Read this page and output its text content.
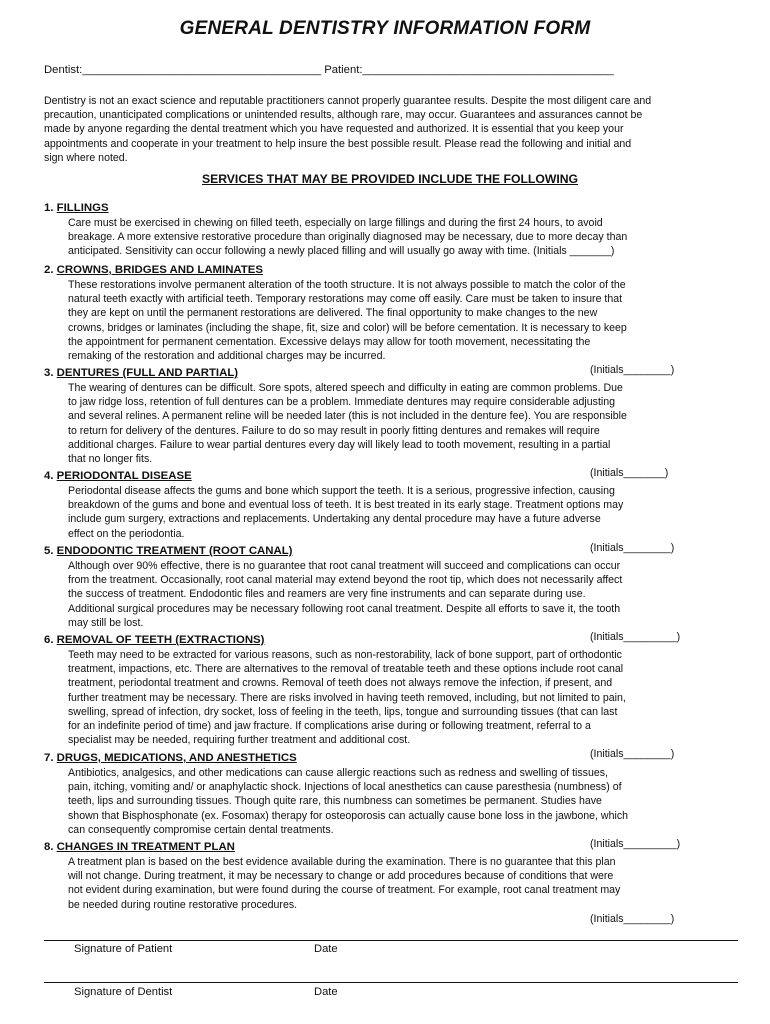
GENERAL DENTISTRY INFORMATION FORM
Dentist:______________________________________ Patient:________________________________________
Dentistry is not an exact science and reputable practitioners cannot properly guarantee results. Despite the most diligent care and
precaution, unanticipated complications or unintended results, although rare, may occur. Guarantees and assurances cannot be
made by anyone regarding the dental treatment which you have requested and authorized. It is essential that you keep your
appointments and cooperate in your treatment to help insure the best possible result. Please read the following and initial and
sign where noted.
SERVICES THAT MAY BE PROVIDED INCLUDE THE FOLLOWING
1. FILLINGS
Care must be exercised in chewing on filled teeth, especially on large fillings and during the first 24 hours, to avoid
breakage. A more extensive restorative procedure than originally diagnosed may be necessary, due to more decay than
anticipated. Sensitivity can occur following a newly placed filling and will usually go away with time. (Initials _______)
2. CROWNS, BRIDGES AND LAMINATES
These restorations involve permanent alteration of the tooth structure. It is not always possible to match the color of the
natural teeth exactly with artificial teeth. Temporary restorations may come off easily. Care must be taken to insure that
they are kept on until the permanent restorations are delivered. The final opportunity to make changes to the new
crowns, bridges or laminates (including the shape, fit, size and color) will be before cementation. It is necessary to keep
the appointment for permanent cementation. Excessive delays may allow for tooth movement, necessitating the
remaking of the restoration and additional charges may be incurred.
(Initials________)
3. DENTURES (FULL AND PARTIAL)
The wearing of dentures can be difficult. Sore spots, altered speech and difficulty in eating are common problems. Due
to jaw ridge loss, retention of full dentures can be a problem. Immediate dentures may require considerable adjusting
and several relines. A permanent reline will be needed later (this is not included in the denture fee). You are responsible
to return for delivery of the dentures. Failure to do so may result in poorly fitting dentures and remakes will require
additional charges. Failure to wear partial dentures every day will likely lead to tooth movement, resulting in a partial
that no longer fits.
(Initials_______)
4. PERIODONTAL DISEASE
Periodontal disease affects the gums and bone which support the teeth. It is a serious, progressive infection, causing
breakdown of the gums and bone and eventual loss of teeth. It is best treated in its early stage. Treatment options may
include gum surgery, extractions and replacements. Undertaking any dental procedure may have a future adverse
effect on the periodontia.
(Initials________)
5. ENDODONTIC TREATMENT (ROOT CANAL)
Although over 90% effective, there is no guarantee that root canal treatment will succeed and complications can occur
from the treatment. Occasionally, root canal material may extend beyond the root tip, which does not necessarily affect
the success of treatment. Endodontic files and reamers are very fine instruments and can separate during use.
Additional surgical procedures may be necessary following root canal treatment. Despite all efforts to save it, the tooth
may still be lost.
(Initials_________)
6. REMOVAL OF TEETH (EXTRACTIONS)
Teeth may need to be extracted for various reasons, such as non-restorability, lack of bone support, part of orthodontic
treatment, impactions, etc. There are alternatives to the removal of treatable teeth and these options include root canal
treatment, periodontal treatment and crowns. Removal of teeth does not always remove the infection, if present, and
further treatment may be necessary. There are risks involved in having teeth removed, including, but not limited to pain,
swelling, spread of infection, dry socket, loss of feeling in the teeth, lips, tongue and surrounding tissues (that can last
for an indefinite period of time) and jaw fracture. If complications arise during or following treatment, referral to a
specialist may be needed, requiring further treatment and additional cost.
(Initials________)
7. DRUGS, MEDICATIONS, AND ANESTHETICS
Antibiotics, analgesics, and other medications can cause allergic reactions such as redness and swelling of tissues,
pain, itching, vomiting and/ or anaphylactic shock. Injections of local anesthetics can cause paresthesia (numbness) of
teeth, lips and surrounding tissues. Though quite rare, this numbness can sometimes be permanent. Studies have
shown that Bisphosphonate (ex. Fosomax) therapy for osteoporosis can actually cause bone loss in the jawbone, which
can consequently compromise certain dental treatments.
(Initials_________)
8. CHANGES IN TREATMENT PLAN
A treatment plan is based on the best evidence available during the examination. There is no guarantee that this plan
will not change. During treatment, it may be necessary to change or add procedures because of conditions that were
not evident during examination, but were found during the course of treatment. For example, root canal treatment may
be needed during routine restorative procedures.
(Initials________)
Signature of Patient	Date
Signature of Dentist	Date
